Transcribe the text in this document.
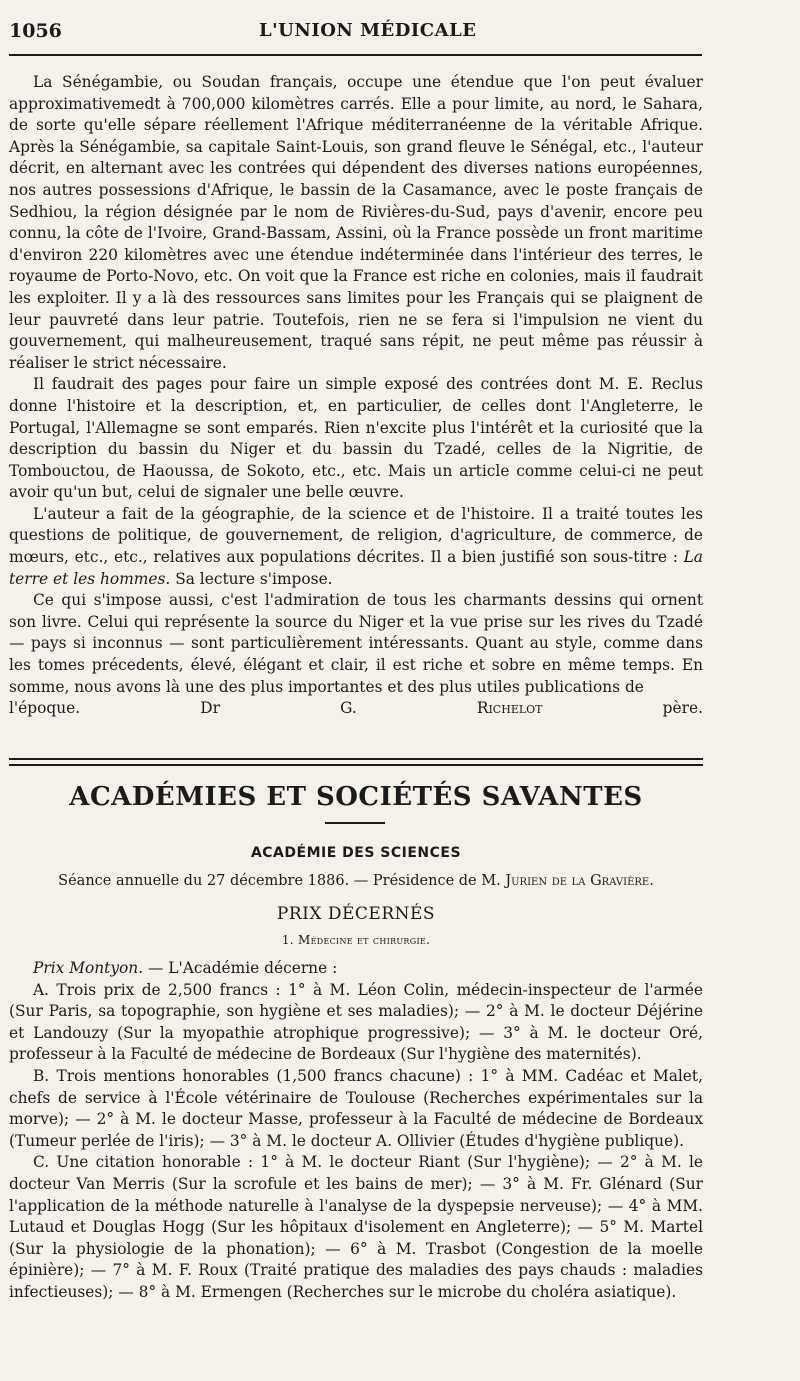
1056	L'UNION MÉDICALE

La Sénégambie, ou Soudan français, occupe une étendue que l'on peut évaluer approximativemedt à 700,000 kilomètres carrés. Elle a pour limite, au nord, le Sahara, de sorte qu'elle sépare réellement l'Afrique méditerranéenne de la véritable Afrique. Après la Sénégambie, sa capitale Saint-Louis, son grand fleuve le Sénégal, etc., l'auteur décrit, en alternant avec les contrées qui dépendent des diverses nations européennes, nos autres possessions d'Afrique, le bassin de la Casamance, avec le poste français de Sedhiou, la région désignée par le nom de Rivières-du-Sud, pays d'avenir, encore peu connu, la côte de l'Ivoire, Grand-Bassam, Assini, où la France possède un front maritime d'environ 220 kilomètres avec une étendue indéterminée dans l'intérieur des terres, le royaume de Porto-Novo, etc. On voit que la France est riche en colonies, mais il faudrait les exploiter. Il y a là des ressources sans limites pour les Français qui se plaignent de leur pauvreté dans leur patrie. Toutefois, rien ne se fera si l'impulsion ne vient du gouvernement, qui malheureusement, traqué sans répit, ne peut même pas réussir à réaliser le strict nécessaire.

Il faudrait des pages pour faire un simple exposé des contrées dont M. E. Reclus donne l'histoire et la description, et, en particulier, de celles dont l'Angleterre, le Portugal, l'Allemagne se sont emparés. Rien n'excite plus l'intérêt et la curiosité que la description du bassin du Niger et du bassin du Tzadé, celles de la Nigritie, de Tombouctou, de Haoussa, de Sokoto, etc., etc. Mais un article comme celui-ci ne peut avoir qu'un but, celui de signaler une belle œuvre.

L'auteur a fait de la géographie, de la science et de l'histoire. Il a traité toutes les questions de politique, de gouvernement, de religion, d'agriculture, de commerce, de mœurs, etc., etc., relatives aux populations décrites. Il a bien justifié son sous-titre : La terre et les hommes. Sa lecture s'impose.

Ce qui s'impose aussi, c'est l'admiration de tous les charmants dessins qui ornent son livre. Celui qui représente la source du Niger et la vue prise sur les rives du Tzadé — pays si inconnus — sont particulièrement intéressants. Quant au style, comme dans les tomes précedents, élevé, élégant et clair, il est riche et sobre en même temps. En somme, nous avons là une des plus importantes et des plus utiles publications de

l'époque.	Dr G.	Richelot	père.

ACADÉMIES ET SOCIÉTÉS SAVANTES
ACADÉMIE DES SCIENCES
Séance annuelle du 27 décembre 1886. — Présidence de M. Jurien de la Gravière.
PRIX DÉCERNÉS
1. Médecine et chirurgie.

Prix Montyon. — L'Académie décerne :

A. Trois prix de 2,500 francs : 1° à M. Léon Colin, médecin-inspecteur de l'armée (Sur Paris, sa topographie, son hygiène et ses maladies); — 2° à M. le docteur Déjérine et Landouzy (Sur la myopathie atrophique progressive); — 3° à M. le docteur Oré, professeur à la Faculté de médecine de Bordeaux (Sur l'hygiène des maternités).

B. Trois mentions honorables (1,500 francs chacune) : 1° à MM. Cadéac et Malet, chefs de service à l'École vétérinaire de Toulouse (Recherches expérimentales sur la morve); — 2° à M. le docteur Masse, professeur à la Faculté de médecine de Bordeaux (Tumeur perlée de l'iris); — 3° à M. le docteur A. Ollivier (Études d'hygiène publique).

C. Une citation honorable : 1° à M. le docteur Riant (Sur l'hygiène); — 2° à M. le docteur Van Merris (Sur la scrofule et les bains de mer); — 3° à M. Fr. Glénard (Sur l'application de la méthode naturelle à l'analyse de la dyspepsie nerveuse); — 4° à MM. Lutaud et Douglas Hogg (Sur les hôpitaux d'isolement en Angleterre); — 5° M. Martel (Sur la physiologie de la phonation); — 6° à M. Trasbot (Congestion de la moelle épinière); — 7° à M. F. Roux (Traité pratique des maladies des pays chauds : maladies infectieuses); — 8° à M. Ermengen (Recherches sur le microbe du choléra asiatique).
